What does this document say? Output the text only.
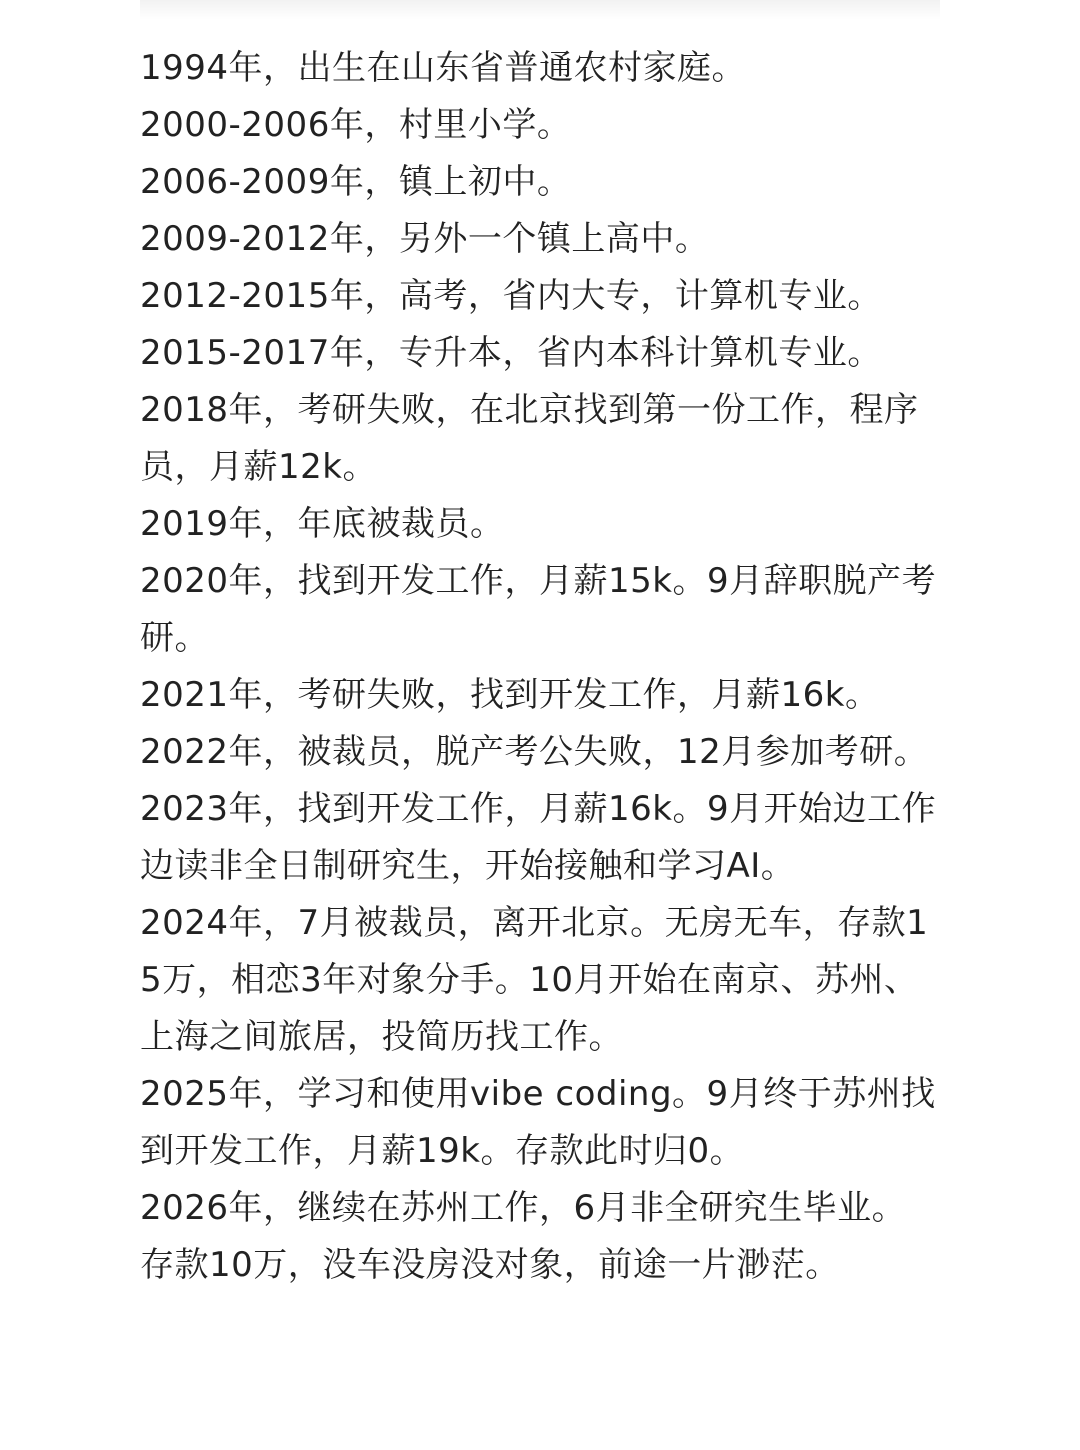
1994年，出生在山东省普通农村家庭。

2000-2006年，村里小学。

2006-2009年，镇上初中。

2009-2012年，另外一个镇上高中。

2012-2015年，高考，省内大专，计算机专业。

2015-2017年，专升本，省内本科计算机专业。

2018年，考研失败，在北京找到第一份工作，程序员，月薪12k。

2019年，年底被裁员。

2020年，找到开发工作，月薪15k。9月辞职脱产考研。

2021年，考研失败，找到开发工作，月薪16k。

2022年，被裁员，脱产考公失败，12月参加考研。

2023年，找到开发工作，月薪16k。9月开始边工作边读非全日制研究生，开始接触和学习AI。

2024年，7月被裁员，离开北京。无房无车，存款15万，相恋3年对象分手。10月开始在南京、苏州、上海之间旅居，投简历找工作。

2025年，学习和使用vibe coding。9月终于苏州找到开发工作，月薪19k。存款此时归0。

2026年，继续在苏州工作，6月非全研究生毕业。存款10万，没车没房没对象，前途一片渺茫。
